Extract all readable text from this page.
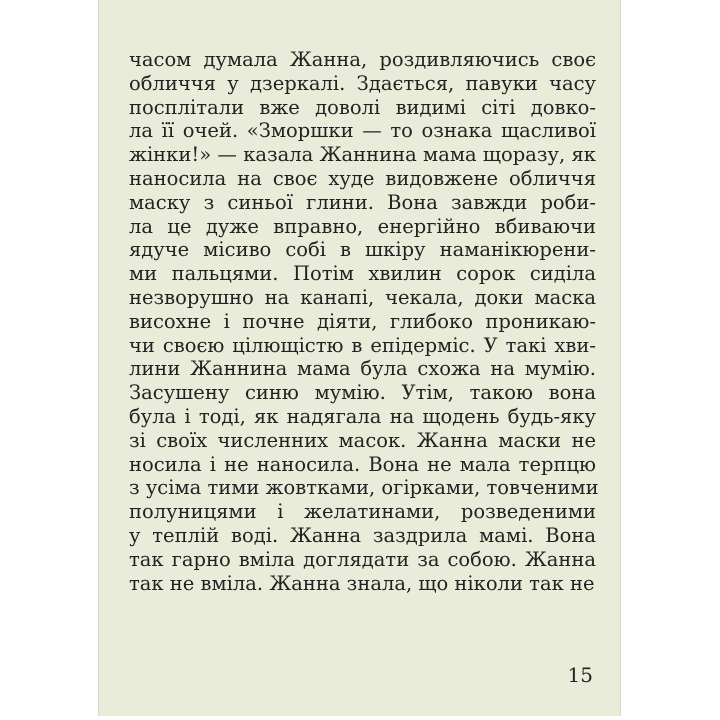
часом думала Жанна, роздивляючись своє
обличчя у дзеркалі. Здається, павуки часу
посплітали вже доволі видимі сіті довко-
ла її очей. «Зморшки — то ознака щасливої
жінки!» — казала Жаннина мама щоразу, як
наносила на своє худе видовжене обличчя
маску з синьої глини. Вона завжди роби-
ла це дуже вправно, енергійно вбиваючи
ядуче місиво собі в шкіру наманікюрени-
ми пальцями. Потім хвилин сорок сиділа
незворушно на канапі, чекала, доки маска
висохне і почне діяти, глибоко проникаю-
чи своєю цілющістю в епідерміс. У такі хви-
лини Жаннина мама була схожа на мумію.
Засушену синю мумію. Утім, такою вона
була і тоді, як надягала на щодень будь-яку
зі своїх численних масок. Жанна маски не
носила і не наносила. Вона не мала терпцю
з усіма тими жовтками, огірками, товченими
полуницями і желатинами, розведеними
у теплій воді. Жанна заздрила мамі. Вона
так гарно вміла доглядати за собою. Жанна
так не вміла. Жанна знала, що ніколи так не
15
